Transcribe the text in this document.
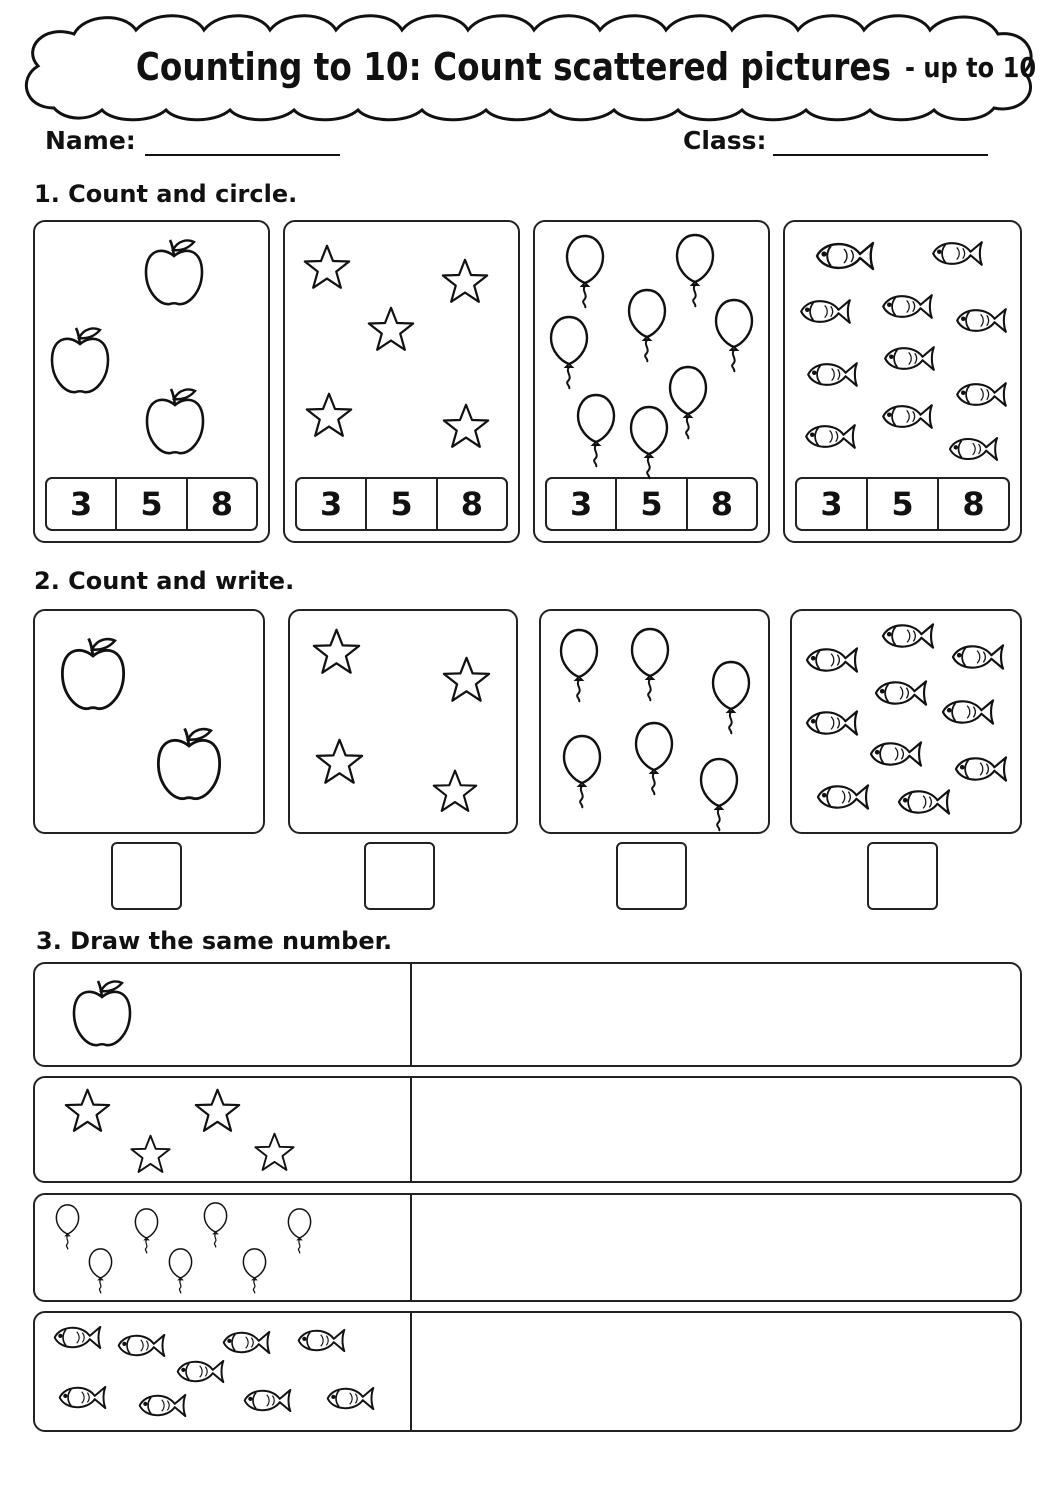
Counting to 10: Count scattered pictures - up to 10
Name:	Class:
1. Count and circle.
3	5	8	3	5	8	3	5	8	3	5	8
2. Count and write.
3. Draw the same number.
